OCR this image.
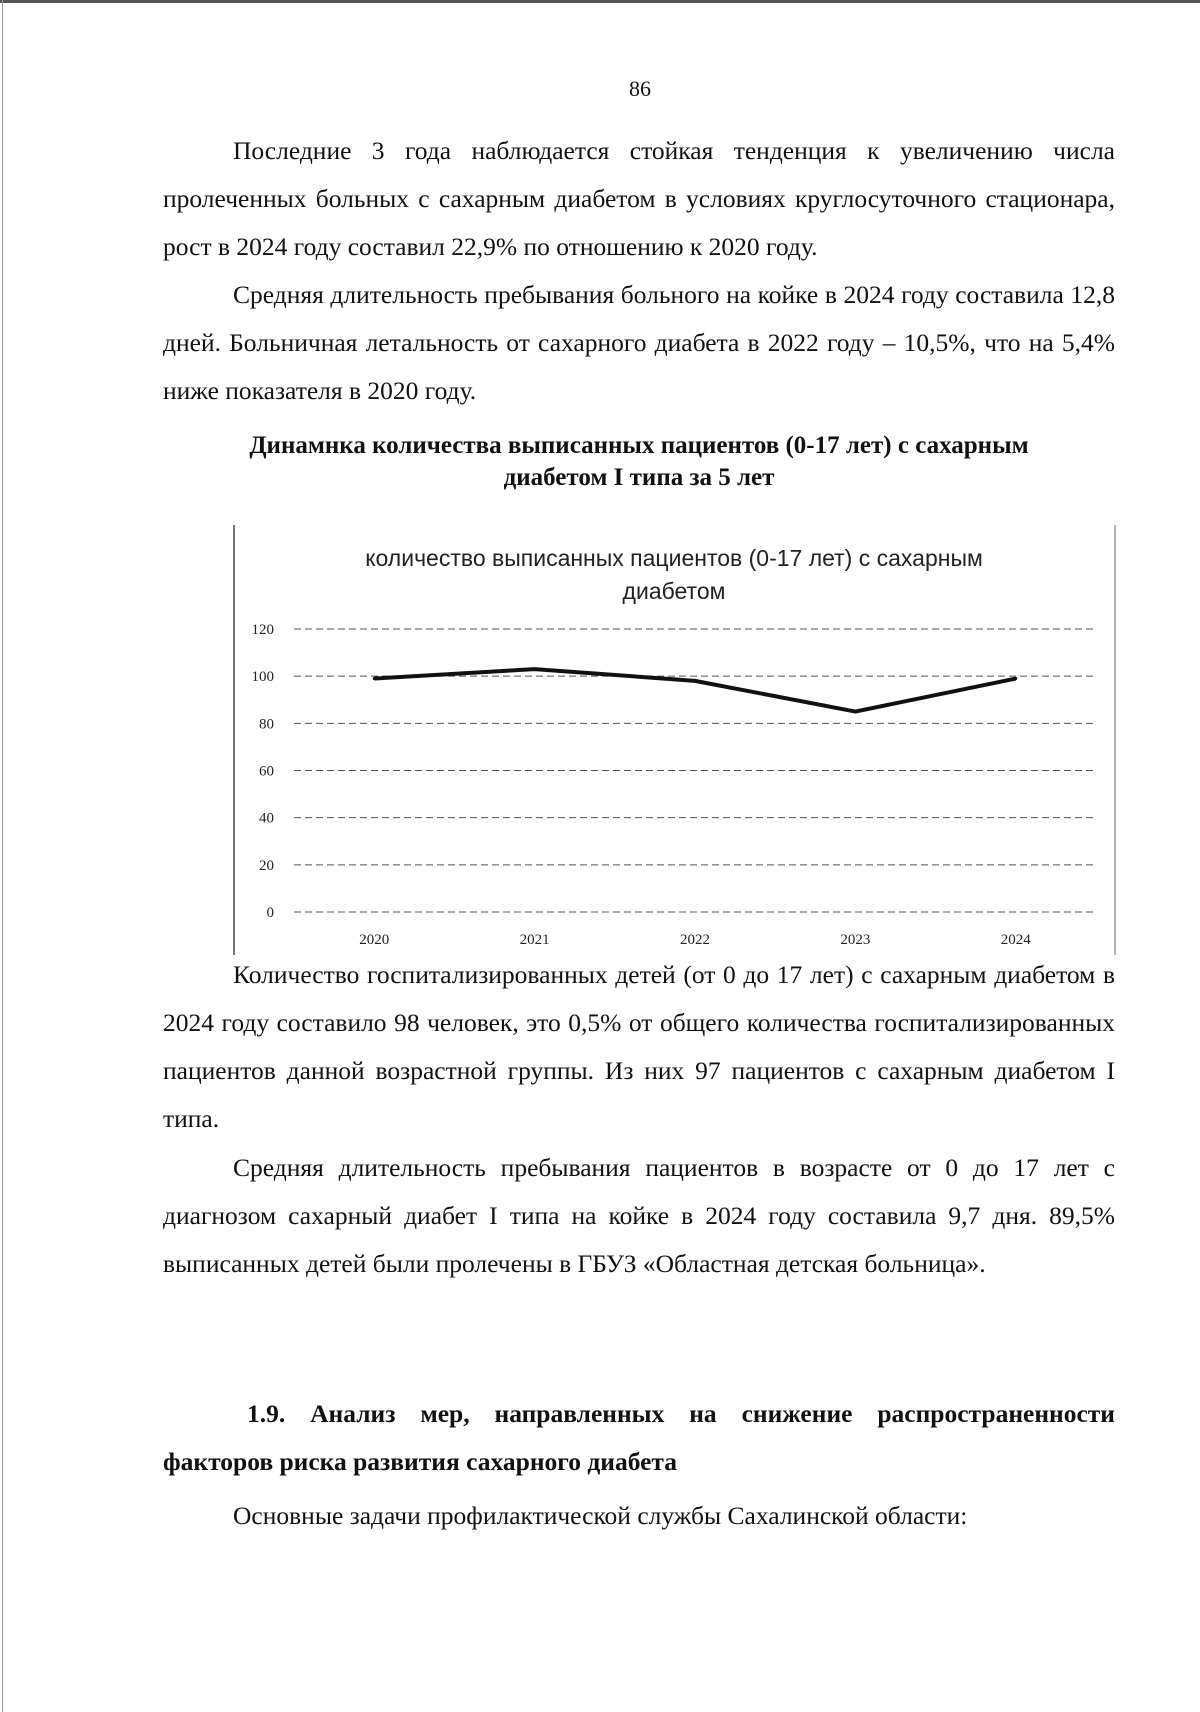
86

Последние 3 года наблюдается стойкая тенденция к увеличению числа пролеченных больных с сахарным диабетом в условиях круглосуточного стационара, рост в 2024 году составил 22,9% по отношению к 2020 году.

Средняя длительность пребывания больного на койке в 2024 году составила 12,8 дней. Больничная летальность от сахарного диабета в 2022 году – 10,5%, что на 5,4% ниже показателя в 2020 году.

Динамнка количества выписанных пациентов (0-17 лет) с сахарным
диабетом I типа за 5 лет
количество выписанных пациентов (0-17 лет) с сахарным
диабетом
0
20
40
60
80
100
120
2020	2021	2022	2023	2024

Количество госпитализированных детей (от 0 до 17 лет) с сахарным диабетом в 2024 году составило 98 человек, это 0,5% от общего количества госпитализированных пациентов данной возрастной группы. Из них 97 пациентов с сахарным диабетом I типа.

Средняя длительность пребывания пациентов в возрасте от 0 до 17 лет с диагнозом сахарный диабет I типа на койке в 2024 году составила 9,7 дня. 89,5% выписанных детей были пролечены в ГБУЗ «Областная детская больница».

1.9. Анализ мер, направленных на снижение распространенности факторов риска развития сахарного диабета

Основные задачи профилактической службы Сахалинской области:
